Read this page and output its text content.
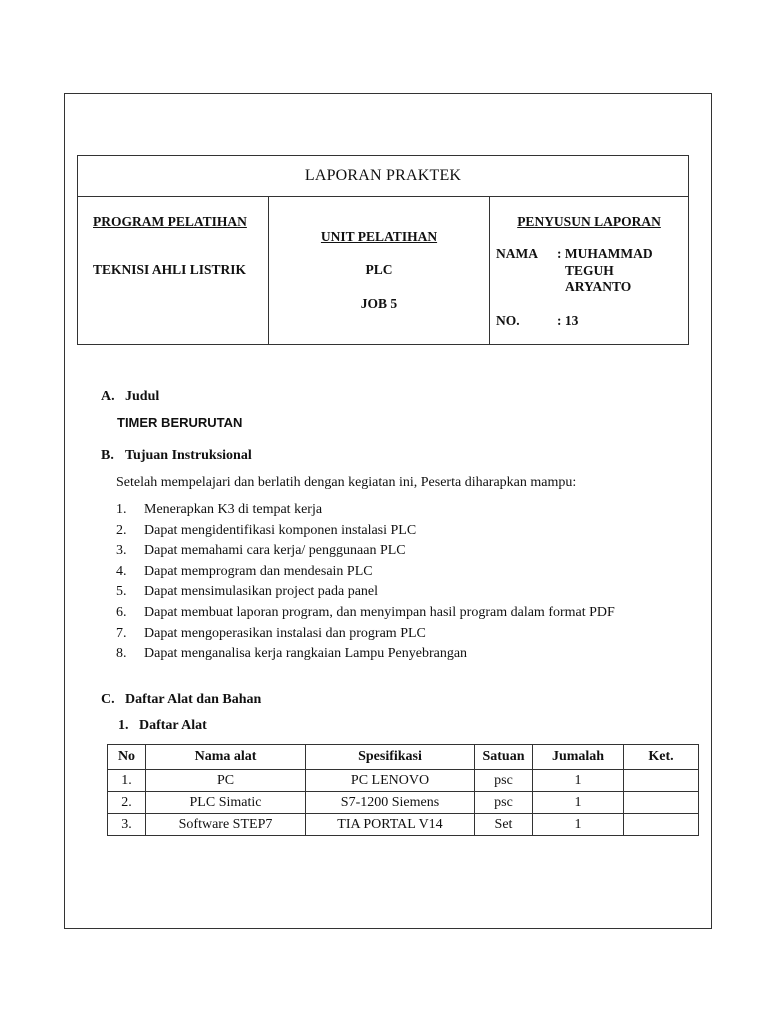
LAPORAN PRAKTEK

PROGRAM PELATIHAN
TEKNISI AHLI LISTRIK

UNIT PELATIHAN
PLC
JOB 5

PENYUSUN LAPORAN
NAMA : MUHAMMAD
TEGUH
ARYANTO
NO.	: 13
A. Judul
TIMER BERURUTAN
B. Tujuan Instruksional
Setelah mempelajari dan berlatih dengan kegiatan ini, Peserta diharapkan mampu:
1. Menerapkan K3 di tempat kerja
2. Dapat mengidentifikasi komponen instalasi PLC
3. Dapat memahami cara kerja/ penggunaan PLC
4. Dapat memprogram dan mendesain PLC
5. Dapat mensimulasikan project pada panel
6. Dapat membuat laporan program, dan menyimpan hasil program dalam format PDF
7. Dapat mengoperasikan instalasi dan program PLC
8. Dapat menganalisa kerja rangkaian Lampu Penyebrangan
C. Daftar Alat dan Bahan
1. Daftar Alat
No	Nama alat	Spesifikasi	Satuan	Jumalah	Ket.
1.	PC	PC LENOVO	psc	1	
2.	PLC Simatic	S7-1200 Siemens	psc	1	
3.	Software STEP7	TIA PORTAL V14	Set	1	
